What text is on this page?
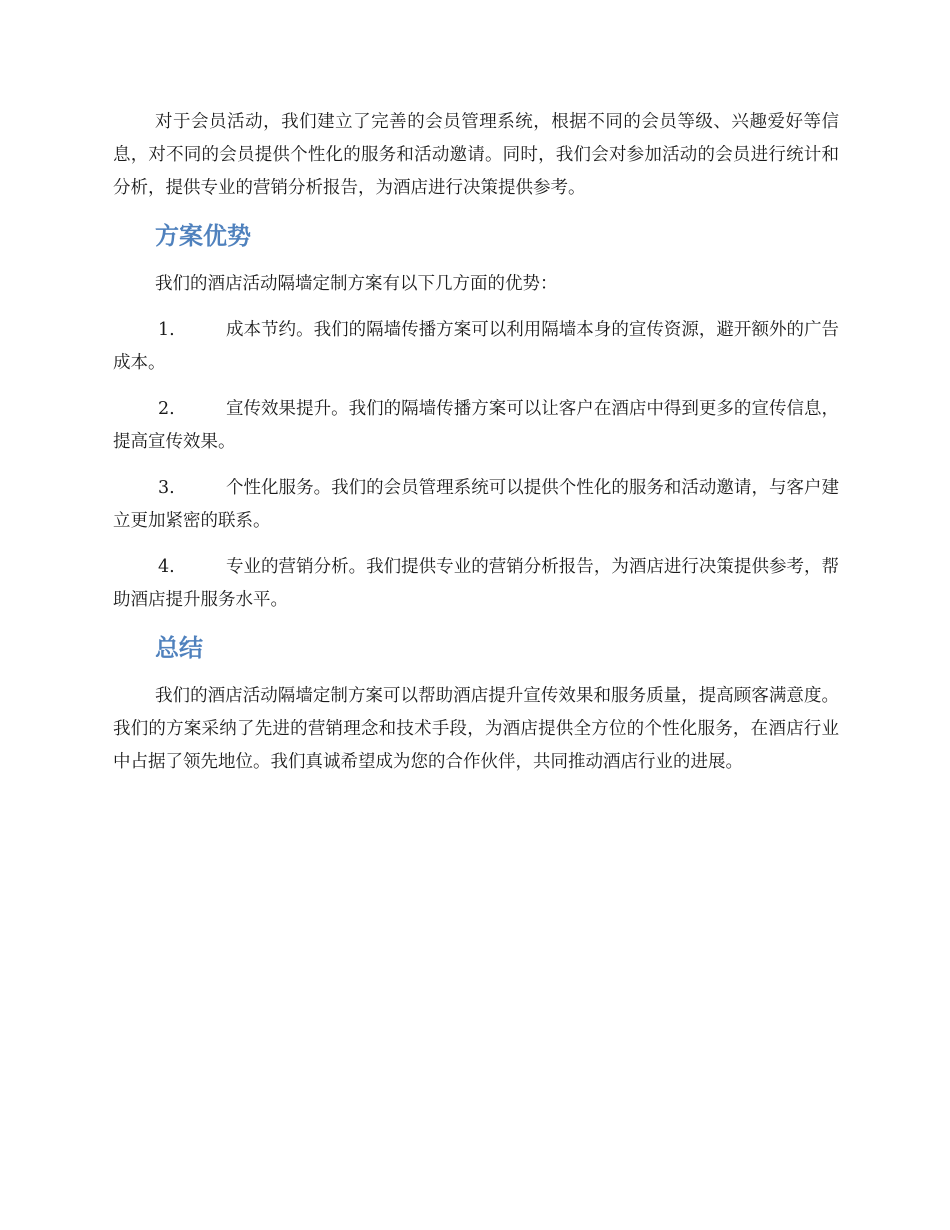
对于会员活动，我们建立了完善的会员管理系统，根据不同的会员等级、兴趣爱好等信息，对不同的会员提供个性化的服务和活动邀请。同时，我们会对参加活动的会员进行统计和分析，提供专业的营销分析报告，为酒店进行决策提供参考。

方案优势

我们的酒店活动隔墙定制方案有以下几方面的优势：

1.	成本节约。我们的隔墙传播方案可以利用隔墙本身的宣传资源，避开额外的广告成本。

2.	宣传效果提升。我们的隔墙传播方案可以让客户在酒店中得到更多的宣传信息，提高宣传效果。

3.	个性化服务。我们的会员管理系统可以提供个性化的服务和活动邀请，与客户建立更加紧密的联系。

4.	专业的营销分析。我们提供专业的营销分析报告，为酒店进行决策提供参考，帮助酒店提升服务水平。

总结

我们的酒店活动隔墙定制方案可以帮助酒店提升宣传效果和服务质量，提高顾客满意度。我们的方案采纳了先进的营销理念和技术手段，为酒店提供全方位的个性化服务，在酒店行业中占据了领先地位。我们真诚希望成为您的合作伙伴，共同推动酒店行业的进展。
